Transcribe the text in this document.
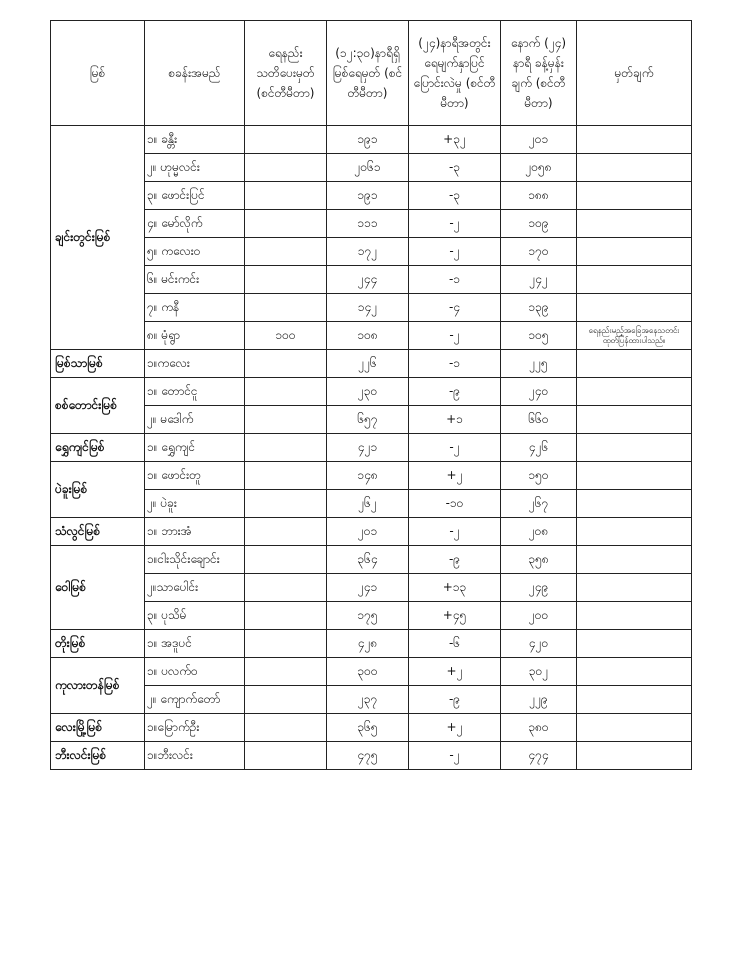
မြစ်	စခန်းအမည်	ရေနည်း သတိပေးမှတ် (စင်တီမီတာ)	(၁၂:၃၀)နာရီရှိ မြစ်ရေမှတ် (စင်တီမီတာ)	(၂၄)နာရီအတွင်း ရေမျက်နှာပြင် ပြောင်းလဲမှု (စင်တီမီတာ)	နောက် (၂၄) နာရီ ခန့်မှန်းချက် (စင်တီမီတာ)	မှတ်ချက်
ချင်းတွင်းမြစ်	၁။ ခန္တီး		၁၉၁	+၃၂	၂၀၁	
	၂။ ဟုမ္မလင်း		၂၀၆၁	-၃	၂၀၅၈	
	၃။ ဖောင်းပြင်		၁၉၁	-၃	၁၈၈	
	၄။ မော်လိုက်		၁၁၁	-၂	၁၀၉	
	၅။ ကလေးဝ		၁၇၂	-၂	၁၇၀	
	၆။ မင်းကင်း		၂၄၄	-၁	၂၄၂	
	၇။ ကနီ		၁၄၂	-၄	၁၃၉	
	၈။ မုံရွာ	၁၀၀	၁၀၈	-၂	၁၀၅	ရေနည်းမည့်အခြေအနေသတင်း ထုတ်ပြန်ထားပါသည်။
မြစ်သာမြစ်	၁။ကလေး		၂၂၆	-၁	၂၂၅	
စစ်တောင်းမြစ်	၁။ တောင်ငူ		၂၃၀	-၉	၂၄၀	
	၂။ မဒေါက်		၆၅၇	+၁	၆၆၀	
ရွှေကျင်မြစ်	၁။ ရွှေကျင်		၄၂၁	-၂	၄၂၆	
ပဲခူးမြစ်	၁။ ဖောင်းတူ		၁၄၈	+၂	၁၅၀	
	၂။ ပဲခူး		၂၆၂	-၁၀	၂၆၇	
သံလွင်မြစ်	၁။ ဘားအံ		၂၀၁	-၂	၂၀၈	
ဝေါမြစ်	၁။ငါးသိုင်းချောင်း		၃၆၄	-၉	၃၅၈	
	၂။သာပေါင်း		၂၄၁	+၁၃	၂၄၉	
	၃။ ပုသိမ်		၁၇၅	+၄၅	၂၀၀	
တိုးမြစ်	၁။ အဒူပင်		၄၂၈	-၆	၄၂၀	
ကုလားတန်မြစ်	၁။ ပလက်ဝ		၃၀၀	+၂	၃၀၂	
	၂။ ကျောက်တော်		၂၃၇	-၉	၂၂၉	
လေးမြို့မြစ်	၁။မြောက်ဦး		၃၆၅	+၂	၃၈၀	
ဘီးလင်းမြစ်	၁။ဘီးလင်း		၄၇၅	-၂	၄၇၄	
